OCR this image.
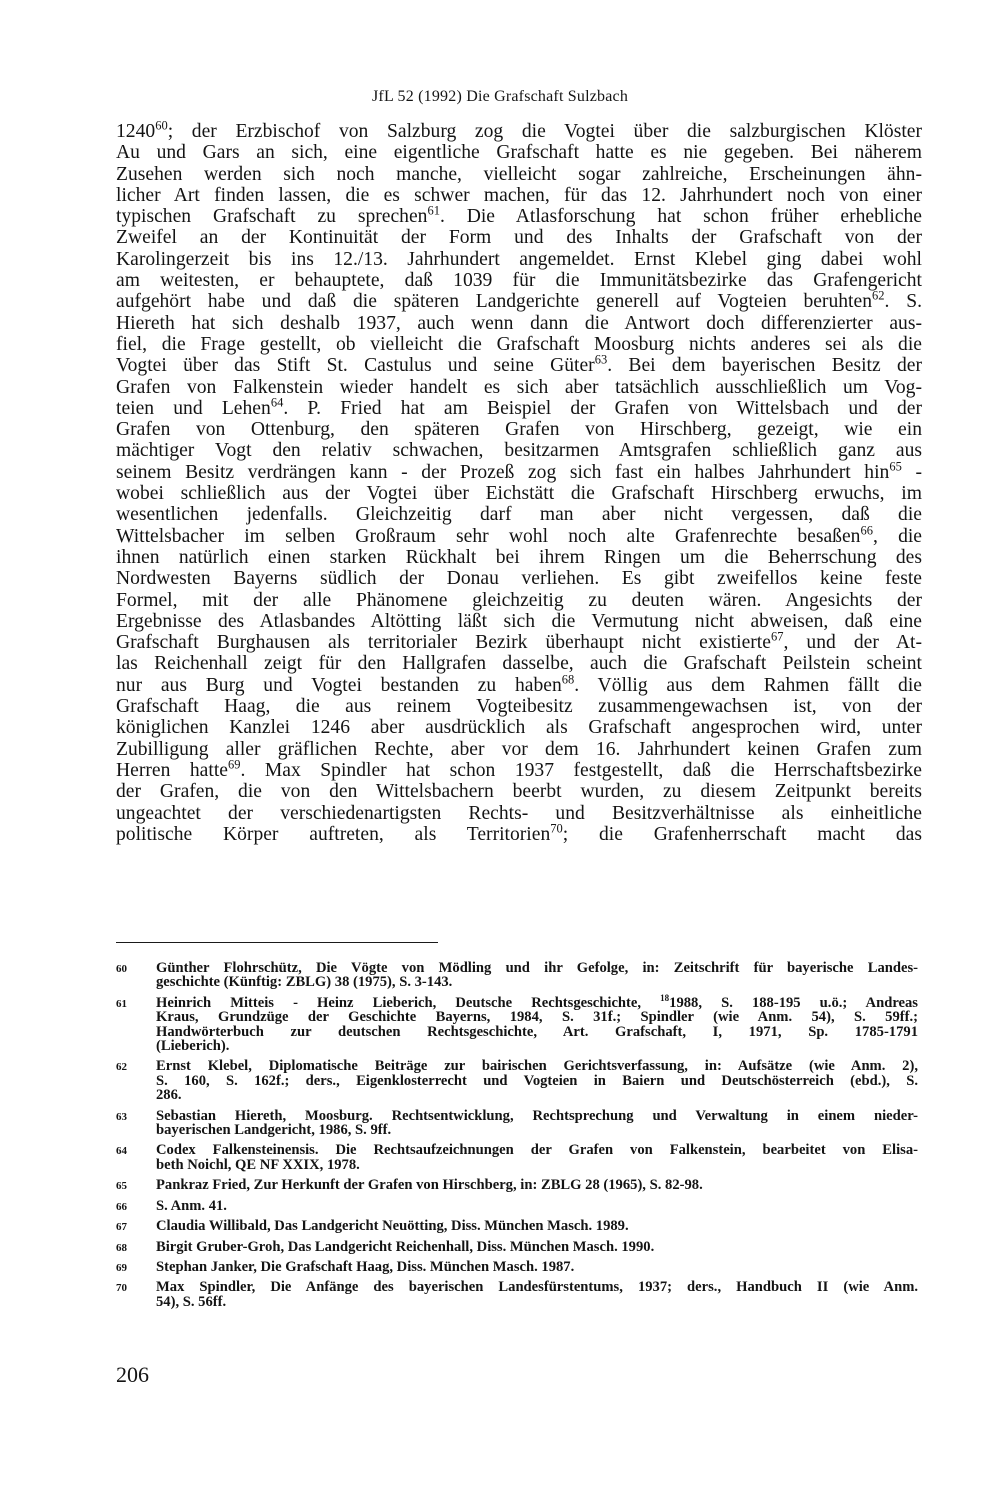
JfL 52 (1992) Die Grafschaft Sulzbach
1240$^{60}$; der Erzbischof von Salzburg zog die Vogtei über die salzburgischen Klöster
Au und Gars an sich, eine eigentliche Grafschaft hatte es nie gegeben. Bei näherem
Zusehen werden sich noch manche, vielleicht sogar zahlreiche, Erscheinungen ähn-
licher Art finden lassen, die es schwer machen, für das 12. Jahrhundert noch von einer
typischen Grafschaft zu sprechen$^{61}$. Die Atlasforschung hat schon früher erhebliche
Zweifel an der Kontinuität der Form und des Inhalts der Grafschaft von der
Karolingerzeit bis ins 12./13. Jahrhundert angemeldet. Ernst Klebel ging dabei wohl
am weitesten, er behauptete, daß 1039 für die Immunitätsbezirke das Grafengericht
aufgehört habe und daß die späteren Landgerichte generell auf Vogteien beruhten$^{62}$. S.
Hiereth hat sich deshalb 1937, auch wenn dann die Antwort doch differenzierter aus-
fiel, die Frage gestellt, ob vielleicht die Grafschaft Moosburg nichts anderes sei als die
Vogtei über das Stift St. Castulus und seine Güter$^{63}$. Bei dem bayerischen Besitz der
Grafen von Falkenstein wieder handelt es sich aber tatsächlich ausschließlich um Vog-
teien und Lehen$^{64}$. P. Fried hat am Beispiel der Grafen von Wittelsbach und der
Grafen von Ottenburg, den späteren Grafen von Hirschberg, gezeigt, wie ein
mächtiger Vogt den relativ schwachen, besitzarmen Amtsgrafen schließlich ganz aus
seinem Besitz verdrängen kann - der Prozeß zog sich fast ein halbes Jahrhundert hin$^{65}$ -
wobei schließlich aus der Vogtei über Eichstätt die Grafschaft Hirschberg erwuchs, im
wesentlichen jedenfalls. Gleichzeitig darf man aber nicht vergessen, daß die
Wittelsbacher im selben Großraum sehr wohl noch alte Grafenrechte besaßen$^{66}$, die
ihnen natürlich einen starken Rückhalt bei ihrem Ringen um die Beherrschung des
Nordwesten Bayerns südlich der Donau verliehen. Es gibt zweifellos keine feste
Formel, mit der alle Phänomene gleichzeitig zu deuten wären. Angesichts der
Ergebnisse des Atlasbandes Altötting läßt sich die Vermutung nicht abweisen, daß eine
Grafschaft Burghausen als territorialer Bezirk überhaupt nicht existierte$^{67}$, und der At-
las Reichenhall zeigt für den Hallgrafen dasselbe, auch die Grafschaft Peilstein scheint
nur aus Burg und Vogtei bestanden zu haben$^{68}$. Völlig aus dem Rahmen fällt die
Grafschaft Haag, die aus reinem Vogteibesitz zusammengewachsen ist, von der
königlichen Kanzlei 1246 aber ausdrücklich als Grafschaft angesprochen wird, unter
Zubilligung aller gräflichen Rechte, aber vor dem 16. Jahrhundert keinen Grafen zum
Herren hatte$^{69}$. Max Spindler hat schon 1937 festgestellt, daß die Herrschaftsbezirke
der Grafen, die von den Wittelsbachern beerbt wurden, zu diesem Zeitpunkt bereits
ungeachtet der verschiedenartigsten Rechts- und Besitzverhältnisse als einheitliche
politische Körper auftreten, als Territorien$^{70}$; die Grafenherrschaft macht das
60	Günther Flohrschütz, Die Vögte von Mödling und ihr Gefolge, in: Zeitschrift für bayerische Landes-
geschichte (Künftig: ZBLG) 38 (1975), S. 3-143.
61	Heinrich Mitteis - Heinz Lieberich, Deutsche Rechtsgeschichte, $^{18}$1988, S. 188-195 u.ö.; Andreas
Kraus, Grundzüge der Geschichte Bayerns, 1984, S. 31f.; Spindler (wie Anm. 54), S. 59ff.;
Handwörterbuch zur deutschen Rechtsgeschichte, Art. Grafschaft, I, 1971, Sp. 1785-1791
(Lieberich).
62	Ernst Klebel, Diplomatische Beiträge zur bairischen Gerichtsverfassung, in: Aufsätze (wie Anm. 2),
S. 160, S. 162f.; ders., Eigenklosterrecht und Vogteien in Baiern und Deutschösterreich (ebd.), S.
286.
63	Sebastian Hiereth, Moosburg. Rechtsentwicklung, Rechtsprechung und Verwaltung in einem nieder-
bayerischen Landgericht, 1986, S. 9ff.
64	Codex Falkensteinensis. Die Rechtsaufzeichnungen der Grafen von Falkenstein, bearbeitet von Elisa-
beth Noichl, QE NF XXIX, 1978.
65	Pankraz Fried, Zur Herkunft der Grafen von Hirschberg, in: ZBLG 28 (1965), S. 82-98.
66	S. Anm. 41.
67	Claudia Willibald, Das Landgericht Neuötting, Diss. München Masch. 1989.
68	Birgit Gruber-Groh, Das Landgericht Reichenhall, Diss. München Masch. 1990.
69	Stephan Janker, Die Grafschaft Haag, Diss. München Masch. 1987.
70	Max Spindler, Die Anfänge des bayerischen Landesfürstentums, 1937; ders., Handbuch II (wie Anm.
54), S. 56ff.
206
